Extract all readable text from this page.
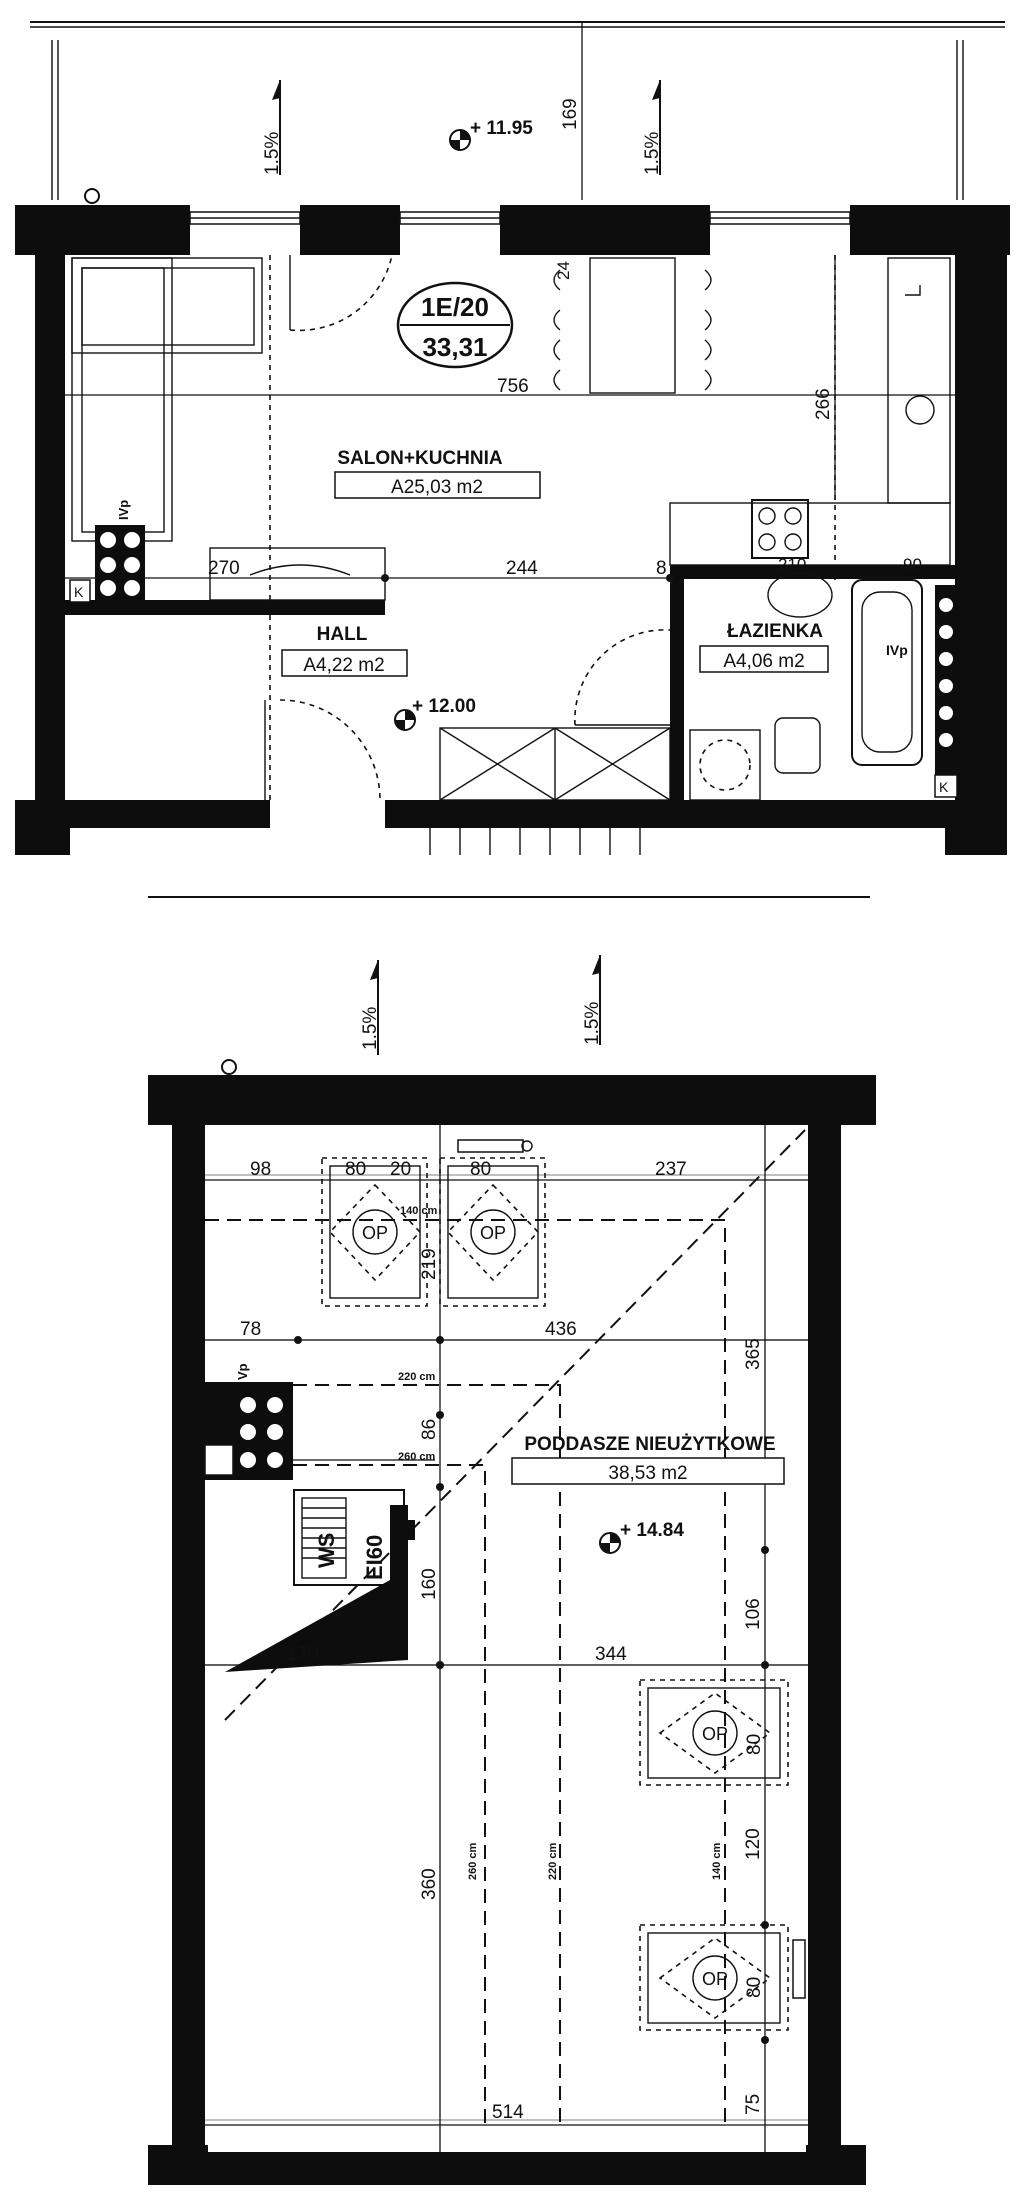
1E/20
33,31
SALON+KUCHNIA
A25,03 m2
HALL
A4,22 m2
ŁAZIENKA
A4,06 m2
+ 11.95
+ 12.00
1.5%	1.5%
169
756
266
270	244	8	210	90
24
IVp
IVp
K
K
1.5%	1.5%
Vp
WS EI60
OP	OP
OP
OP
PODDASZE NIEUŻYTKOWE
38,53 m2
+ 14.84
220 cm
260 cm
260 cm	220 cm	140 cm
140 cm
98	80 20	80	237
219
78	436
365
86
160
106
170	344
80
120
360
80
514	75
